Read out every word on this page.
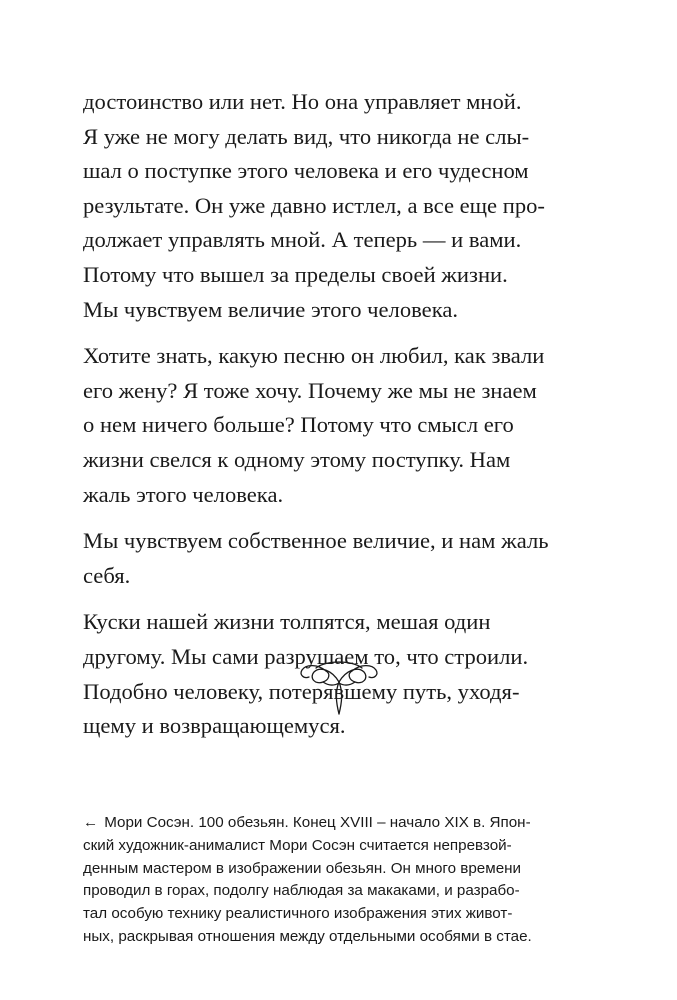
достоинство или нет. Но она управляет мной.
Я уже не могу делать вид, что никогда не слы-
шал о поступке этого человека и его чудесном
результате. Он уже давно истлел, а все еще про-
должает управлять мной. А теперь — и вами.
Потому что вышел за пределы своей жизни.
Мы чувствуем величие этого человека.

Хотите знать, какую песню он любил, как звали
его жену? Я тоже хочу. Почему же мы не знаем
о нем ничего больше? Потому что смысл его
жизни свелся к одному этому поступку. Нам
жаль этого человека.

Мы чувствуем собственное величие, и нам жаль
себя.

Куски нашей жизни толпятся, мешая один
другому. Мы сами разрушаем то, что строили.
Подобно человеку, потерявшему путь, уходя-
щему и возвращающемуся.

← Мори Сосэн. 100 обезьян. Конец XVIII – начало XIX в. Япон-
ский художник-анималист Мори Сосэн считается непревзой-
денным мастером в изображении обезьян. Он много времени
проводил в горах, подолгу наблюдая за макаками, и разрабо-
тал особую технику реалистичного изображения этих живот-
ных, раскрывая отношения между отдельными особями в стае.
